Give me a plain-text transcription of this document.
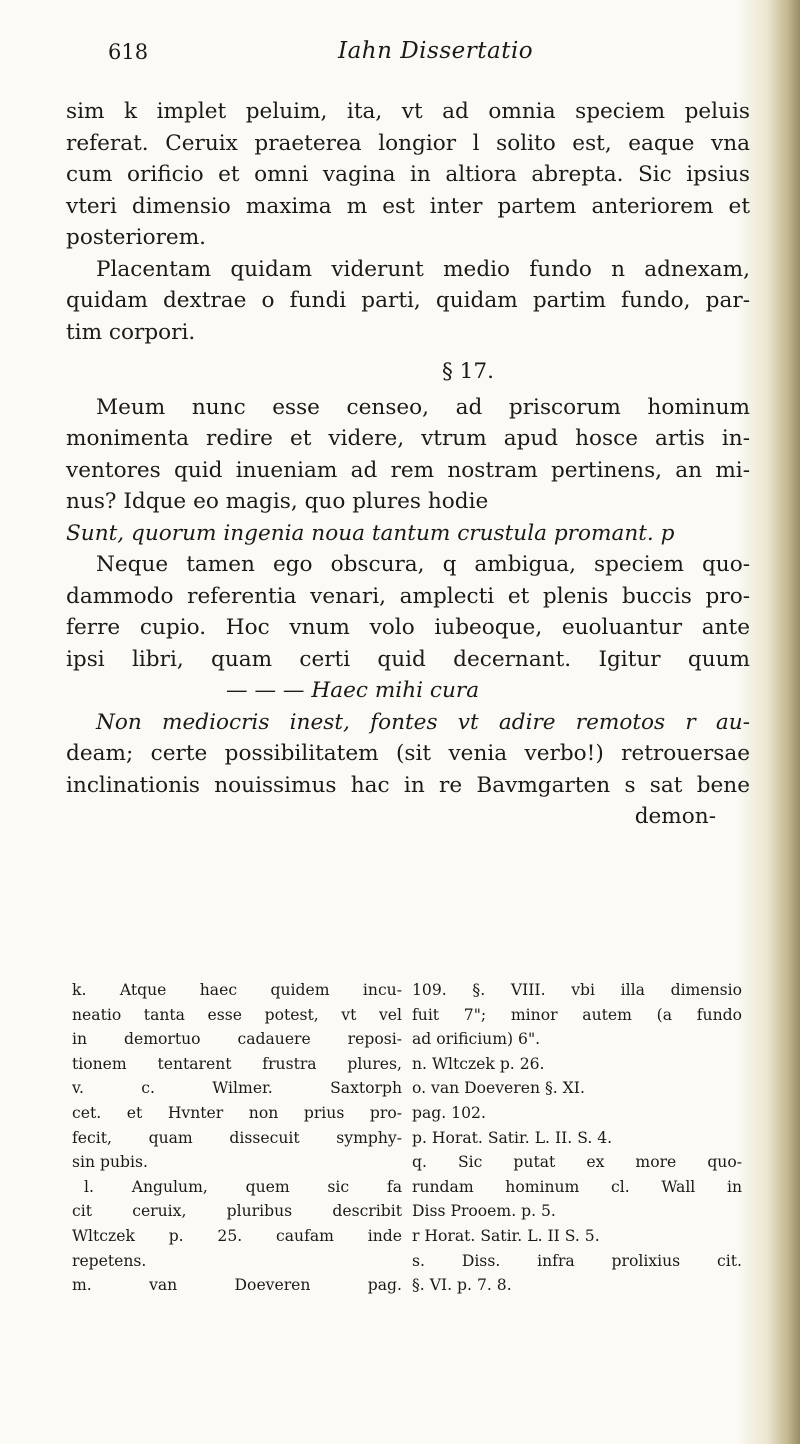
618	Iahn Dissertatio
sim k implet peluim, ita, vt ad omnia speciem peluis
referat. Ceruix praeterea longior l solito est, eaque vna
cum orificio et omni vagina in altiora abrepta. Sic ipsius
vteri dimensio maxima m est inter partem anteriorem et
posteriorem.
Placentam quidam viderunt medio fundo n adnexam,
quidam dextrae o fundi parti, quidam partim fundo, par-
tim corpori.
§ 17.
Meum nunc esse censeo, ad priscorum hominum
monimenta redire et videre, vtrum apud hosce artis in-
ventores quid inueniam ad rem nostram pertinens, an mi-
nus? Idque eo magis, quo plures hodie
Sunt, quorum ingenia noua tantum crustula promant. p
Neque tamen ego obscura, q ambigua, speciem quo-
dammodo referentia venari, amplecti et plenis buccis pro-
ferre cupio. Hoc vnum volo iubeoque, euoluantur ante
ipsi libri, quam certi quid decernant. Igitur quum
— — — Haec mihi cura
Non mediocris inest, fontes vt adire remotos r au-
deam; certe possibilitatem (sit venia verbo!) retrouersae
inclinationis nouissimus hac in re Bavmgarten s sat bene
demon-
k. Atque haec quidem incu-
neatio tanta esse potest, vt vel
in demortuo cadauere reposi-
tionem tentarent frustra plures,
v. c. Wilmer. Saxtorph
cet. et Hvnter non prius pro-
fecit, quam dissecuit symphy-
sin pubis.
l. Angulum, quem sic fa
cit ceruix, pluribus describit
Wltczek p. 25. caufam inde
repetens.
m. van Doeveren pag.
109. §. VIII. vbi illa dimensio
fuit 7"; minor autem (a fundo
ad orificium) 6".
n. Wltczek p. 26.
o. van Doeveren §. XI.
pag. 102.
p. Horat. Satir. L. II. S. 4.
q. Sic putat ex more quo-
rundam hominum cl. Wall in
Diss Prooem. p. 5.
r Horat. Satir. L. II S. 5.
s. Diss. infra prolixius cit.
§. VI. p. 7. 8.
